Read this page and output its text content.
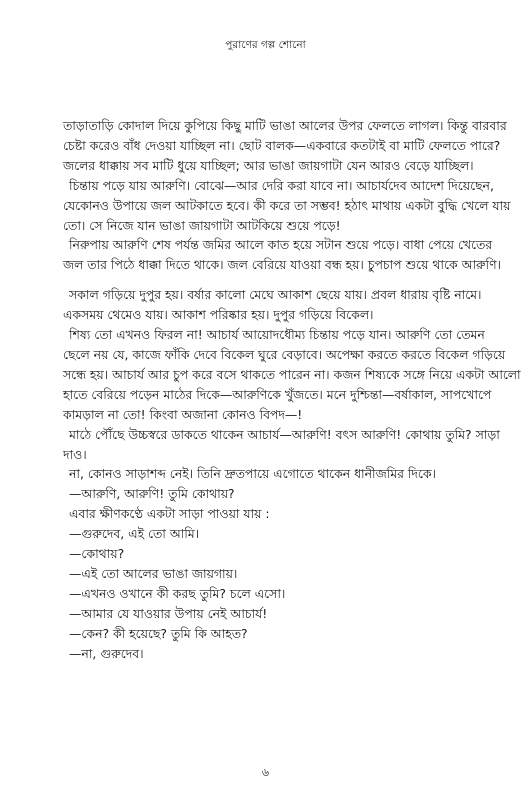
পুরাণের গল্প শোনো

তাড়াতাড়ি কোদাল দিয়ে কুপিয়ে কিছু মাটি ভাঙা আলের উপর ফেলতে লাগল। কিন্তু বারবার

চেষ্টা করেও বাঁধ দেওয়া যাচ্ছিল না। ছোট বালক—একবারে কতটাই বা মাটি ফেলতে পারে?

জলের ধাক্কায় সব মাটি ধুয়ে যাচ্ছিল; আর ভাঙা জায়গাটা যেন আরও বেড়ে যাচ্ছিল।

চিন্তায় পড়ে যায় আরুণি। বোঝে—আর দেরি করা যাবে না। আচার্যদেব আদেশ দিয়েছেন,

যেকোনও উপায়ে জল আটকাতে হবে। কী করে তা সম্ভব! হঠাৎ মাথায় একটা বুদ্ধি খেলে যায়

তো। সে নিজে যান ভাঙা জায়গাটা আটকিয়ে শুয়ে পড়ে!

নিরুপায় আরুণি শেষ পর্যন্ত জমির আলে কাত হয়ে সটান শুয়ে পড়ে। বাধা পেয়ে খেতের

জল তার পিঠে ধাক্কা দিতে থাকে। জল বেরিয়ে যাওয়া বন্ধ হয়। চুপচাপ শুয়ে থাকে আরুণি।

সকাল গড়িয়ে দুপুর হয়। বর্ষার কালো মেঘে আকাশ ছেয়ে যায়। প্রবল ধারায় বৃষ্টি নামে।

একসময় থেমেও যায়। আকাশ পরিষ্কার হয়। দুপুর গড়িয়ে বিকেল।

শিষ্য তো এখনও ফিরল না! আচার্য আয়োদধৌম্য চিন্তায় পড়ে যান। আরুণি তো তেমন

ছেলে নয় যে, কাজে ফাঁকি দেবে বিকেল ঘুরে বেড়াবে। অপেক্ষা করতে করতে বিকেল গড়িয়ে

সন্ধে হয়। আচার্য আর চুপ করে বসে থাকতে পারেন না। কজন শিষ্যকে সঙ্গে নিয়ে একটা আলো

হাতে বেরিয়ে পড়েন মাঠের দিকে—আরুণিকে খুঁজতে। মনে দুশ্চিন্তা—বর্ষাকাল, সাপখোপে

কামড়াল না তো! কিংবা অজানা কোনও বিপদ—!

মাঠে পৌঁছে উচ্চস্বরে ডাকতে থাকেন আচার্য—আরুণি! বৎস আরুণি! কোথায় তুমি? সাড়া

দাও।

না, কোনও সাড়াশব্দ নেই। তিনি দ্রুতপায়ে এগোতে থাকেন ধানীজমির দিকে।

—আরুণি, আরুণি! তুমি কোথায়?

এবার ক্ষীণকণ্ঠে একটা সাড়া পাওয়া যায় :

—গুরুদেব, এই তো আমি।

—কোথায়?

—এই তো আলের ভাঙা জায়গায়।

—এখনও ওখানে কী করছ তুমি? চলে এসো।

—আমার যে যাওয়ার উপায় নেই আচার্য!

—কেন? কী হয়েছে? তুমি কি আহত?

—না, গুরুদেব।

৬
